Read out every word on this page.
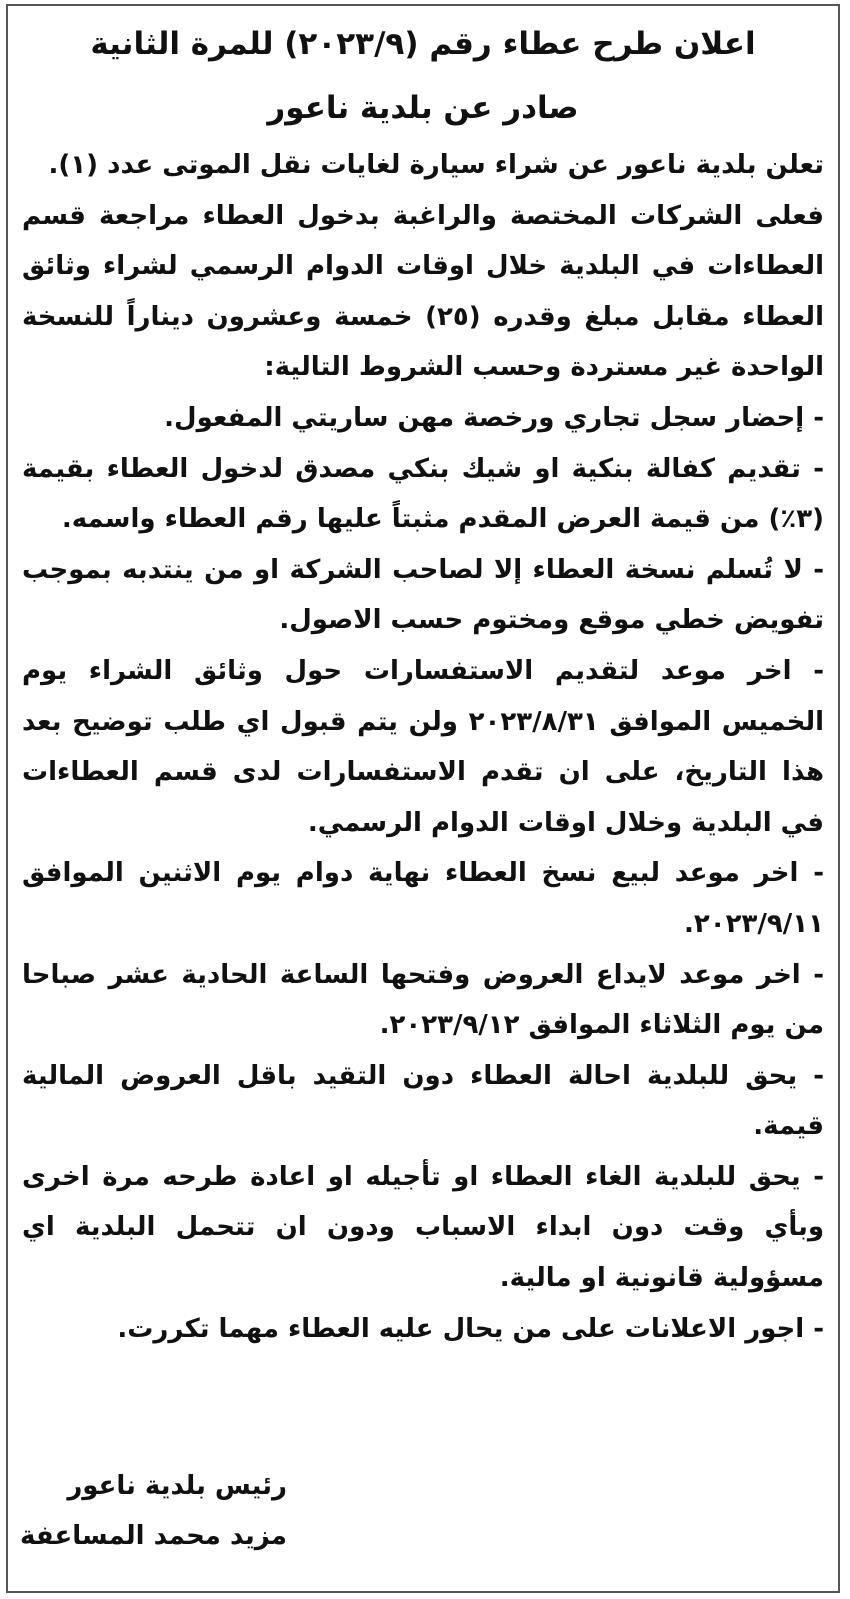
اعلان طرح عطاء رقم (٢٠٢٣/٩) للمرة الثانية
صادر عن بلدية ناعور

تعلن بلدية ناعور عن شراء سيارة لغايات نقل الموتى عدد (١).

فعلى الشركات المختصة والراغبة بدخول العطاء مراجعة قسم العطاءات في البلدية خلال اوقات الدوام الرسمي لشراء وثائق العطاء مقابل مبلغ وقدره (٢٥) خمسة وعشرون ديناراً للنسخة الواحدة غير مستردة وحسب الشروط التالية:

- إحضار سجل تجاري ورخصة مهن ساريتي المفعول.

- تقديم كفالة بنكية او شيك بنكي مصدق لدخول العطاء بقيمة (٣٪) من قيمة العرض المقدم مثبتاً عليها رقم العطاء واسمه.

- لا تُسلم نسخة العطاء إلا لصاحب الشركة او من ينتدبه بموجب تفويض خطي موقع ومختوم حسب الاصول.

- اخر موعد لتقديم الاستفسارات حول وثائق الشراء يوم الخميس الموافق ٢٠٢٣/٨/٣١ ولن يتم قبول اي طلب توضيح بعد هذا التاريخ، على ان تقدم الاستفسارات لدى قسم العطاءات في البلدية وخلال اوقات الدوام الرسمي.

- اخر موعد لبيع نسخ العطاء نهاية دوام يوم الاثنين الموافق ٢٠٢٣/٩/١١.

- اخر موعد لايداع العروض وفتحها الساعة الحادية عشر صباحا من يوم الثلاثاء الموافق ٢٠٢٣/٩/١٢.

- يحق للبلدية احالة العطاء دون التقيد باقل العروض المالية قيمة.

- يحق للبلدية الغاء العطاء او تأجيله او اعادة طرحه مرة اخرى وبأي وقت دون ابداء الاسباب ودون ان تتحمل البلدية اي مسؤولية قانونية او مالية.

- اجور الاعلانات على من يحال عليه العطاء مهما تكررت.

رئيس بلدية ناعور
مزيد محمد المساعفة
